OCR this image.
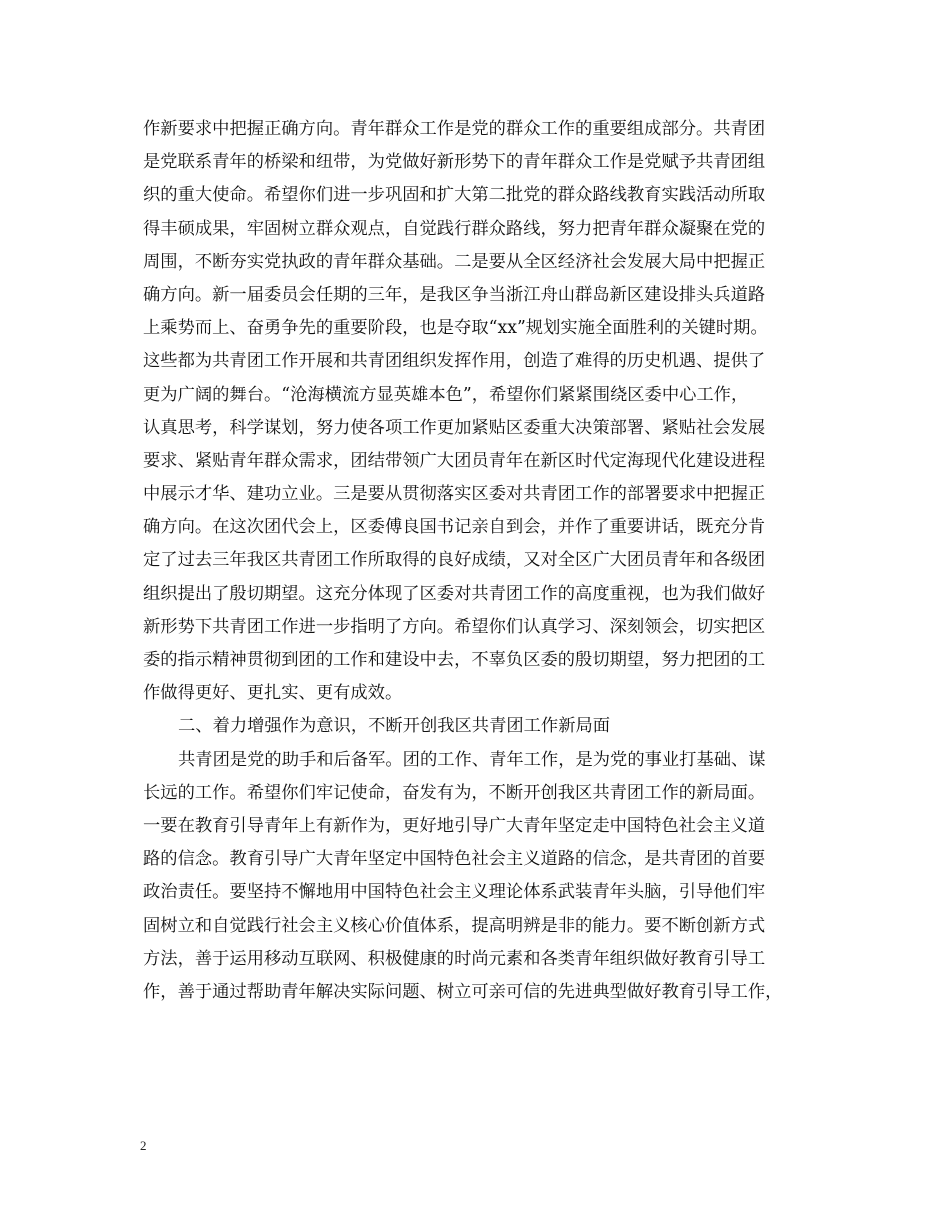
作新要求中把握正确方向。青年群众工作是党的群众工作的重要组成部分。共青团
是党联系青年的桥梁和纽带，为党做好新形势下的青年群众工作是党赋予共青团组
织的重大使命。希望你们进一步巩固和扩大第二批党的群众路线教育实践活动所取
得丰硕成果，牢固树立群众观点，自觉践行群众路线，努力把青年群众凝聚在党的
周围，不断夯实党执政的青年群众基础。二是要从全区经济社会发展大局中把握正
确方向。新一届委员会任期的三年，是我区争当浙江舟山群岛新区建设排头兵道路
上乘势而上、奋勇争先的重要阶段，也是夺取“xx”规划实施全面胜利的关键时期。
这些都为共青团工作开展和共青团组织发挥作用，创造了难得的历史机遇、提供了
更为广阔的舞台。“沧海横流方显英雄本色”，希望你们紧紧围绕区委中心工作，
认真思考，科学谋划，努力使各项工作更加紧贴区委重大决策部署、紧贴社会发展
要求、紧贴青年群众需求，团结带领广大团员青年在新区时代定海现代化建设进程
中展示才华、建功立业。三是要从贯彻落实区委对共青团工作的部署要求中把握正
确方向。在这次团代会上，区委傅良国书记亲自到会，并作了重要讲话，既充分肯
定了过去三年我区共青团工作所取得的良好成绩，又对全区广大团员青年和各级团
组织提出了殷切期望。这充分体现了区委对共青团工作的高度重视，也为我们做好
新形势下共青团工作进一步指明了方向。希望你们认真学习、深刻领会，切实把区
委的指示精神贯彻到团的工作和建设中去，不辜负区委的殷切期望，努力把团的工
作做得更好、更扎实、更有成效。
二、着力增强作为意识，不断开创我区共青团工作新局面
共青团是党的助手和后备军。团的工作、青年工作，是为党的事业打基础、谋
长远的工作。希望你们牢记使命，奋发有为，不断开创我区共青团工作的新局面。
一要在教育引导青年上有新作为，更好地引导广大青年坚定走中国特色社会主义道
路的信念。教育引导广大青年坚定中国特色社会主义道路的信念，是共青团的首要
政治责任。要坚持不懈地用中国特色社会主义理论体系武装青年头脑，引导他们牢
固树立和自觉践行社会主义核心价值体系，提高明辨是非的能力。要不断创新方式
方法，善于运用移动互联网、积极健康的时尚元素和各类青年组织做好教育引导工
作，善于通过帮助青年解决实际问题、树立可亲可信的先进典型做好教育引导工作，
2
